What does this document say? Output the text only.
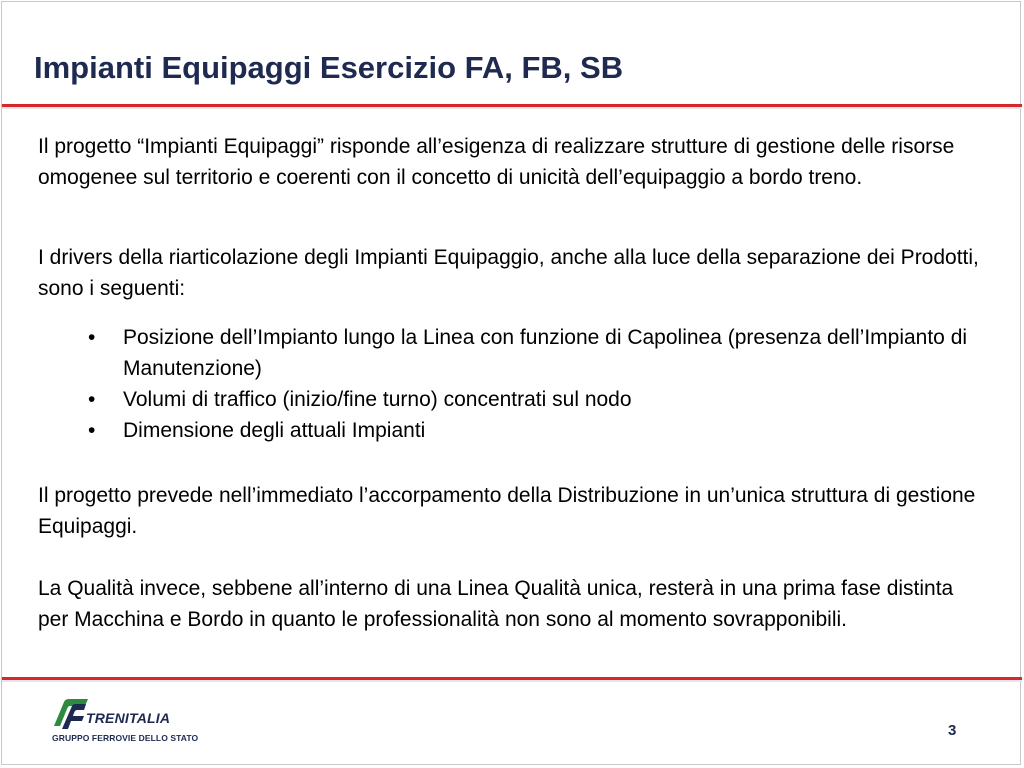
Impianti Equipaggi Esercizio FA, FB, SB

Il progetto “Impianti Equipaggi” risponde all’esigenza di realizzare strutture di gestione delle risorse omogenee sul territorio e coerenti con il concetto di unicità dell’equipaggio a bordo treno.

I drivers della riarticolazione degli Impianti Equipaggio, anche alla luce della separazione dei Prodotti, sono i seguenti:

• Posizione dell’Impianto lungo la Linea con funzione di Capolinea (presenza dell’Impianto di Manutenzione)
• Volumi di traffico (inizio/fine turno) concentrati sul nodo
• Dimensione degli attuali Impianti

Il progetto prevede nell’immediato l’accorpamento della Distribuzione in un’unica struttura di gestione Equipaggi.

La Qualità invece, sebbene all’interno di una Linea Qualità unica, resterà in una prima fase distinta per Macchina e Bordo in quanto le professionalità non sono al momento sovrapponibili.

TRENITALIA
GRUPPO FERROVIE DELLO STATO	3
